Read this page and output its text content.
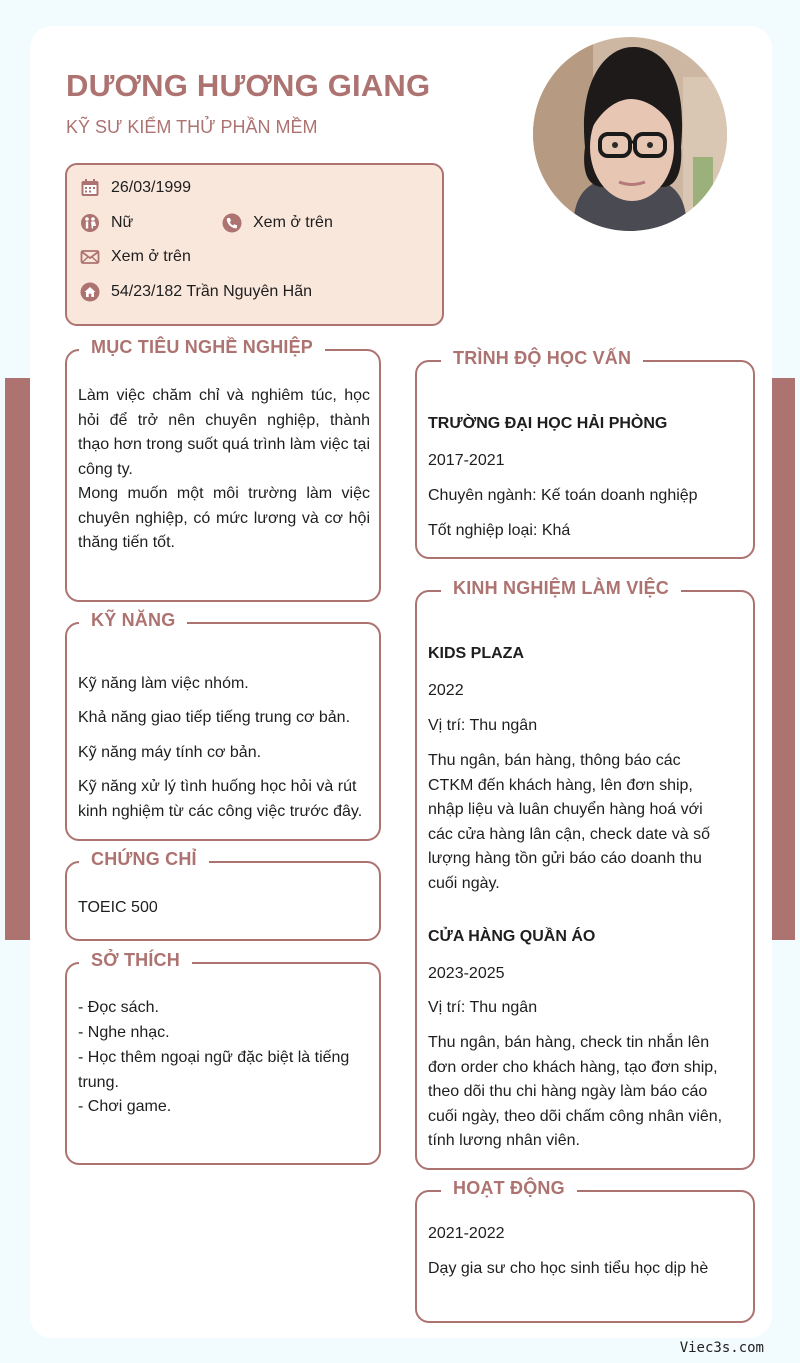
DƯƠNG HƯƠNG GIANG
KỸ SƯ KIỂM THỬ PHẦN MỀM
26/03/1999
Nữ	Xem ở trên
Xem ở trên
54/23/182 Trần Nguyên Hãn
MỤC TIÊU NGHỀ NGHIỆP
Làm việc chăm chỉ và nghiêm túc, học hỏi để trở nên chuyên nghiệp, thành thạo hơn trong suốt quá trình làm việc tại công ty.
Mong muốn một môi trường làm việc chuyên nghiệp, có mức lương và cơ hội thăng tiến tốt.
KỸ NĂNG
Kỹ năng làm việc nhóm.
Khả năng giao tiếp tiếng trung cơ bản.
Kỹ năng máy tính cơ bản.
Kỹ năng xử lý tình huống học hỏi và rút kinh nghiệm từ các công việc trước đây.
CHỨNG CHỈ
TOEIC 500
SỞ THÍCH
- Đọc sách.
- Nghe nhạc.
- Học thêm ngoại ngữ đặc biệt là tiếng trung.
- Chơi game.
TRÌNH ĐỘ HỌC VẤN
TRƯỜNG ĐẠI HỌC HẢI PHÒNG
2017-2021
Chuyên ngành: Kế toán doanh nghiệp
Tốt nghiệp loại: Khá
KINH NGHIỆM LÀM VIỆC
KIDS PLAZA
2022
Vị trí: Thu ngân
Thu ngân, bán hàng, thông báo các CTKM đến khách hàng, lên đơn ship, nhập liệu và luân chuyển hàng hoá với các cửa hàng lân cận, check date và số lượng hàng tồn gửi báo cáo doanh thu cuối ngày.
CỬA HÀNG QUẦN ÁO
2023-2025
Vị trí: Thu ngân
Thu ngân, bán hàng, check tin nhắn lên đơn order cho khách hàng, tạo đơn ship, theo dõi thu chi hàng ngày làm báo cáo cuối ngày, theo dõi chấm công nhân viên, tính lương nhân viên.
HOẠT ĐỘNG
2021-2022
Dạy gia sư cho học sinh tiểu học dịp hè
Viec3s.com
